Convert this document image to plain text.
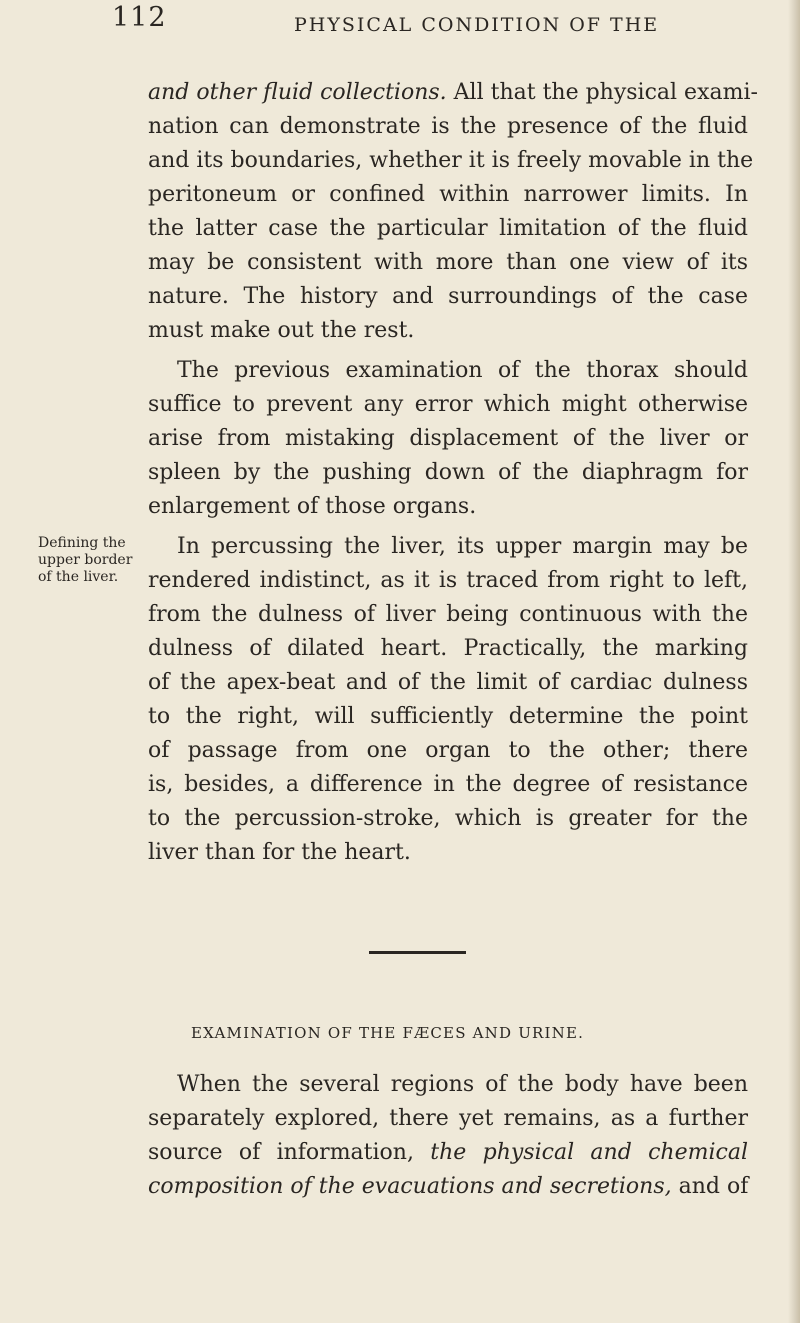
112	PHYSICAL CONDITION OF THE
and other fluid collections. All that the physical exami-
nation can demonstrate is the presence of the fluid
and its boundaries, whether it is freely movable in the
peritoneum or confined within narrower limits. In
the latter case the particular limitation of the fluid
may be consistent with more than one view of its
nature. The history and surroundings of the case
must make out the rest.
The previous examination of the thorax should
suffice to prevent any error which might otherwise
arise from mistaking displacement of the liver or
spleen by the pushing down of the diaphragm for
enlargement of those organs.
Defining the
upper border
of the liver.
In percussing the liver, its upper margin may be
rendered indistinct, as it is traced from right to left,
from the dulness of liver being continuous with the
dulness of dilated heart. Practically, the marking
of the apex-beat and of the limit of cardiac dulness
to the right, will sufficiently determine the point
of passage from one organ to the other; there
is, besides, a difference in the degree of resistance
to the percussion-stroke, which is greater for the
liver than for the heart.
EXAMINATION OF THE FÆCES AND URINE.
When the several regions of the body have been
separately explored, there yet remains, as a further
source of information, the physical and chemical
composition of the evacuations and secretions, and of
